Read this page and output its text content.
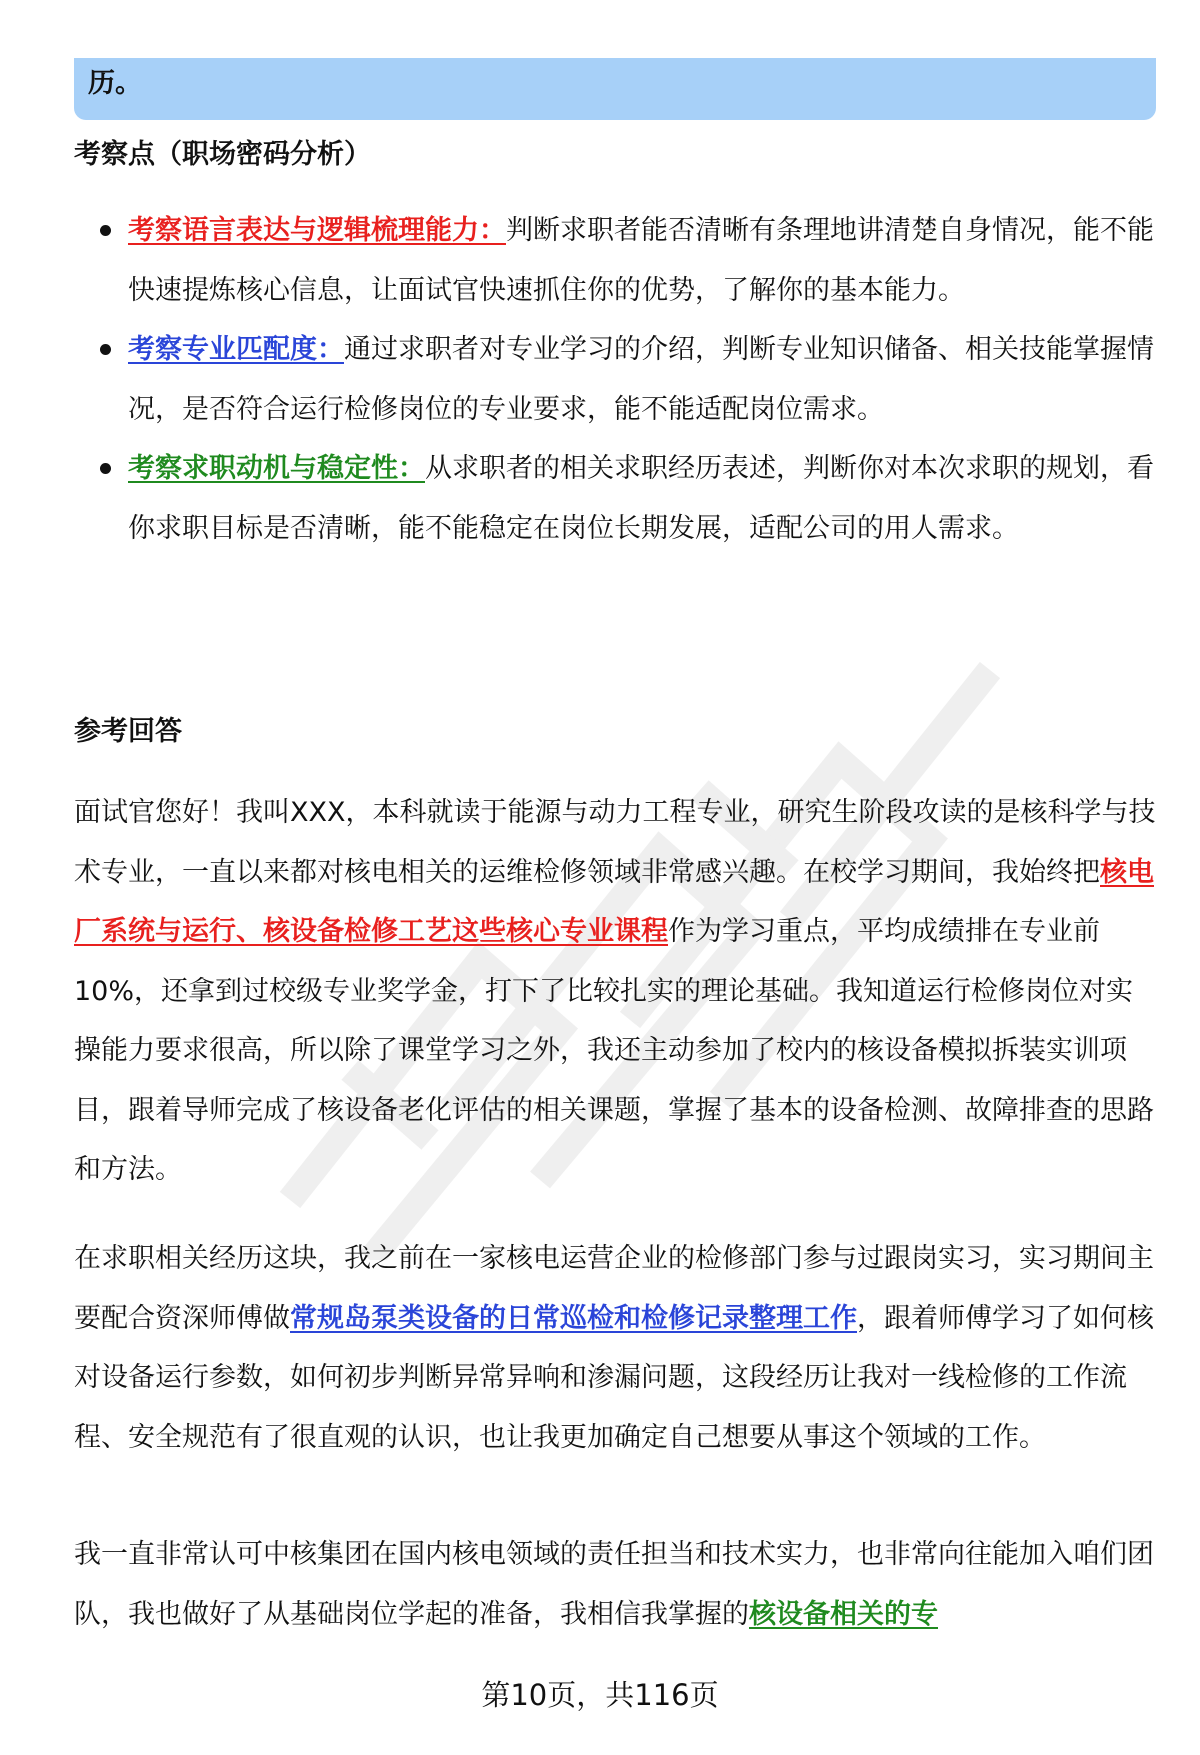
历。
考察点（职场密码分析）
考察语言表达与逻辑梳理能力：判断求职者能否清晰有条理地讲清楚自身情况，能不能快速提炼核心信息，让面试官快速抓住你的优势，了解你的基本能力。
考察专业匹配度：通过求职者对专业学习的介绍，判断专业知识储备、相关技能掌握情况，是否符合运行检修岗位的专业要求，能不能适配岗位需求。
考察求职动机与稳定性：从求职者的相关求职经历表述，判断你对本次求职的规划，看你求职目标是否清晰，能不能稳定在岗位长期发展，适配公司的用人需求。
参考回答

面试官您好！我叫XXX，本科就读于能源与动力工程专业，研究生阶段攻读的是核科学与技术专业，一直以来都对核电相关的运维检修领域非常感兴趣。在校学习期间，我始终把核电厂系统与运行、核设备检修工艺这些核心专业课程作为学习重点，平均成绩排在专业前10%，还拿到过校级专业奖学金，打下了比较扎实的理论基础。我知道运行检修岗位对实操能力要求很高，所以除了课堂学习之外，我还主动参加了校内的核设备模拟拆装实训项目，跟着导师完成了核设备老化评估的相关课题，掌握了基本的设备检测、故障排查的思路和方法。

在求职相关经历这块，我之前在一家核电运营企业的检修部门参与过跟岗实习，实习期间主要配合资深师傅做常规岛泵类设备的日常巡检和检修记录整理工作，跟着师傅学习了如何核对设备运行参数，如何初步判断异常异响和渗漏问题，这段经历让我对一线检修的工作流程、安全规范有了很直观的认识，也让我更加确定自己想要从事这个领域的工作。

我一直非常认可中核集团在国内核电领域的责任担当和技术实力，也非常向往能加入咱们团队，我也做好了从基础岗位学起的准备，我相信我掌握的核设备相关的专

第10页，共116页
